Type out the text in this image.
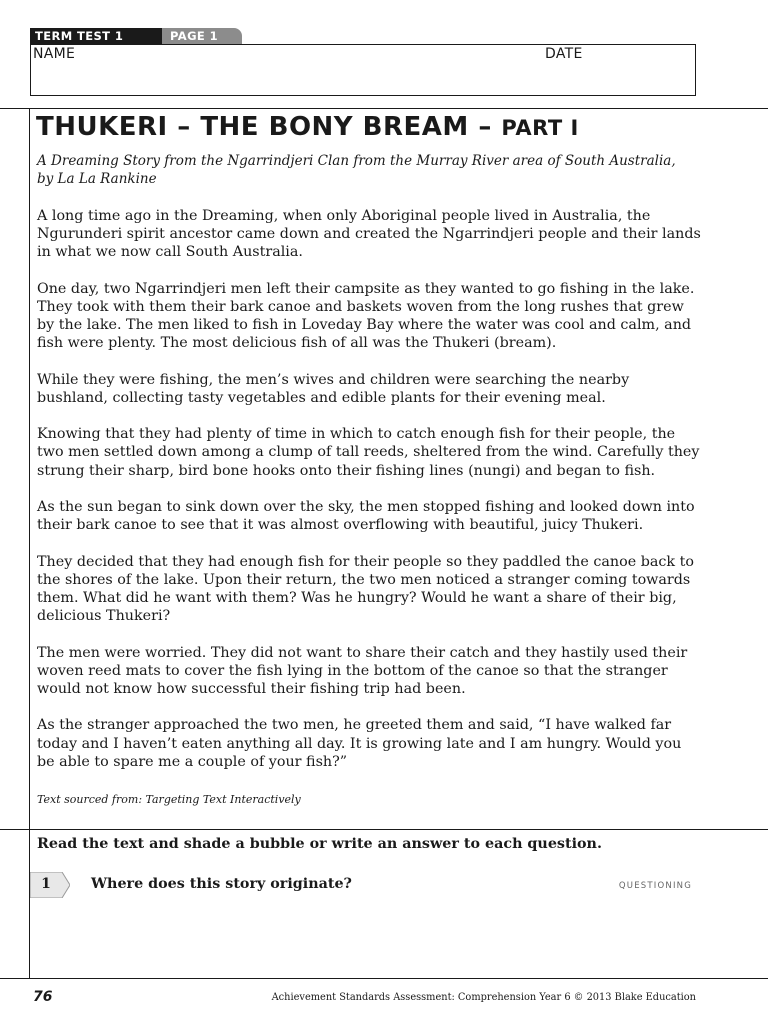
TERM TEST 1	PAGE 1
NAME	DATE
THUKERI – THE BONY BREAM – PART I
A Dreaming Story from the Ngarrindjeri Clan from the Murray River area of South Australia,
by La La Rankine

A long time ago in the Dreaming, when only Aboriginal people lived in Australia, the Ngurunderi spirit ancestor came down and created the Ngarrindjeri people and their lands in what we now call South Australia.

One day, two Ngarrindjeri men left their campsite as they wanted to go fishing in the lake. They took with them their bark canoe and baskets woven from the long rushes that grew by the lake. The men liked to fish in Loveday Bay where the water was cool and calm, and fish were plenty. The most delicious fish of all was the Thukeri (bream).

While they were fishing, the men’s wives and children were searching the nearby bushland, collecting tasty vegetables and edible plants for their evening meal.

Knowing that they had plenty of time in which to catch enough fish for their people, the two men settled down among a clump of tall reeds, sheltered from the wind. Carefully they strung their sharp, bird bone hooks onto their fishing lines (nungi) and began to fish.

As the sun began to sink down over the sky, the men stopped fishing and looked down into their bark canoe to see that it was almost overflowing with beautiful, juicy Thukeri.

They decided that they had enough fish for their people so they paddled the canoe back to the shores of the lake. Upon their return, the two men noticed a stranger coming towards them. What did he want with them? Was he hungry? Would he want a share of their big, delicious Thukeri?

The men were worried. They did not want to share their catch and they hastily used their woven reed mats to cover the fish lying in the bottom of the canoe so that the stranger would not know how successful their fishing trip had been.

As the stranger approached the two men, he greeted them and said, “I have walked far today and I haven’t eaten anything all day. It is growing late and I am hungry. Would you be able to spare me a couple of your fish?”

Text sourced from: Targeting Text Interactively
Read the text and shade a bubble or write an answer to each question.
1	Where does this story originate?	QUESTIONING
76	Achievement Standards Assessment: Comprehension Year 6 © 2013 Blake Education
